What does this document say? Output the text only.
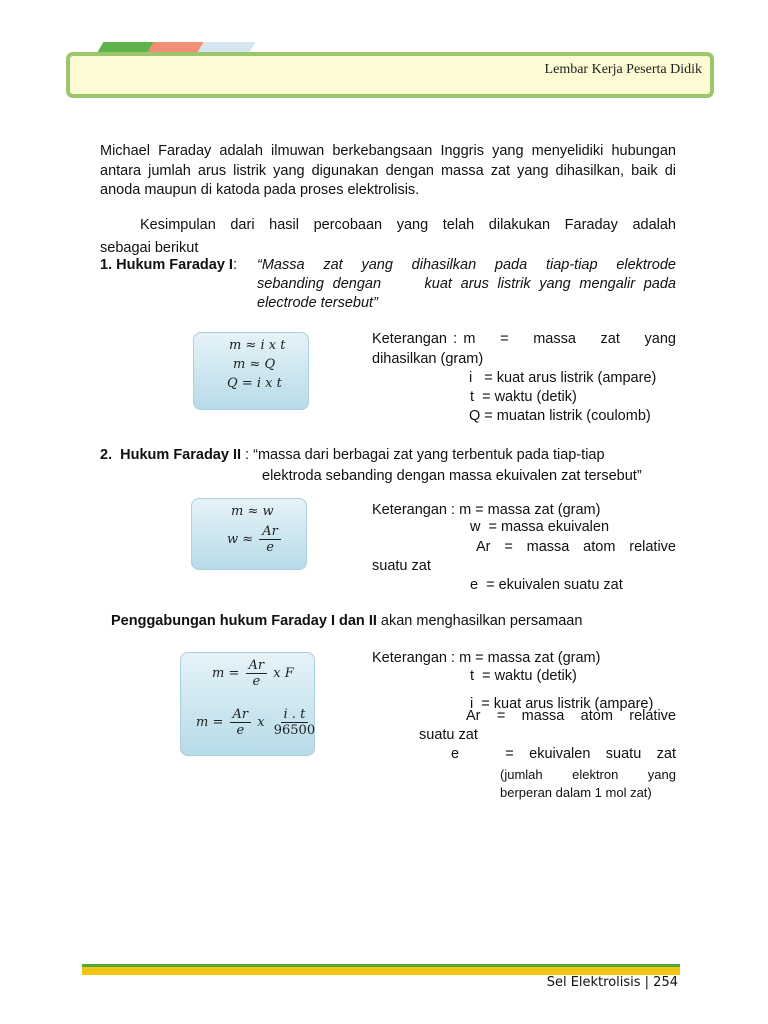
Lembar Kerja Peserta Didik
Michael Faraday adalah ilmuwan berkebangsaan Inggris yang menyelidiki hubungan antara jumlah arus listrik yang digunakan dengan massa zat yang dihasilkan, baik di anoda maupun di katoda pada proses elektrolisis.
Kesimpulan dari hasil percobaan yang telah dilakukan Faraday adalah
sebagai berikut
1. Hukum Faraday I: “Massa zat yang dihasilkan pada tiap-tiap elektrode
sebanding dengan     kuat arus listrik yang mengalir pada
electrode tersebut”
m ≈ i x t
m ≈ Q
Q = i x t
Keterangan : m    =    massa    zat    yang
dihasilkan (gram)
i   = kuat arus listrik (ampare)
t  = waktu (detik)
Q = muatan listrik (coulomb)
2.  Hukum Faraday II : “massa dari berbagai zat yang terbentuk pada tiap-tiap
elektroda sebanding dengan massa ekuivalen zat tersebut”
m ≈ w
$w \approx \frac{Ar}{e}$
Keterangan : m = massa zat (gram)
w  = massa ekuivalen
Ar  =  massa  atom  relative
suatu zat
e  = ekuivalen suatu zat
Penggabungan hukum Faraday I dan II akan menghasilkan persamaan
$m = \frac{Ar}{e}$ x F
$m = \frac{Ar}{e}$ x $\frac{i . t}{96500}$
Keterangan : m = massa zat (gram)
t  = waktu (detik)
i  = kuat arus listrik (ampare)
Ar   =   massa   atom   relative
suatu zat
e      =  ekuivalen  suatu  zat
(jumlah      elektron      yang
berperan dalam 1 mol zat)
Sel Elektrolisis | 254
